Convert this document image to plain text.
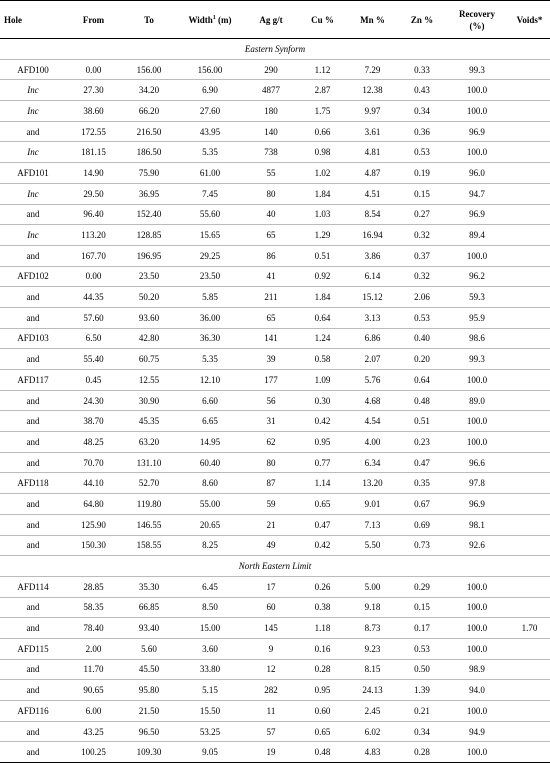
Hole	From	To	Width$^1$ (m)	Ag g/t	Cu %	Mn %	Zn %	Recovery
(%)	Voids*
Eastern Synform									
AFD100	0.00	156.00	156.00	290	1.12	7.29	0.33	99.3	
Inc	27.30	34.20	6.90	4877	2.87	12.38	0.43	100.0	
Inc	38.60	66.20	27.60	180	1.75	9.97	0.34	100.0	
and	172.55	216.50	43.95	140	0.66	3.61	0.36	96.9	
Inc	181.15	186.50	5.35	738	0.98	4.81	0.53	100.0	
AFD101	14.90	75.90	61.00	55	1.02	4.87	0.19	96.0	
Inc	29.50	36.95	7.45	80	1.84	4.51	0.15	94.7	
and	96.40	152.40	55.60	40	1.03	8.54	0.27	96.9	
Inc	113.20	128.85	15.65	65	1.29	16.94	0.32	89.4	
and	167.70	196.95	29.25	86	0.51	3.86	0.37	100.0	
AFD102	0.00	23.50	23.50	41	0.92	6.14	0.32	96.2	
and	44.35	50.20	5.85	211	1.84	15.12	2.06	59.3	
and	57.60	93.60	36.00	65	0.64	3.13	0.53	95.9	
AFD103	6.50	42.80	36.30	141	1.24	6.86	0.40	98.6	
and	55.40	60.75	5.35	39	0.58	2.07	0.20	99.3	
AFD117	0.45	12.55	12.10	177	1.09	5.76	0.64	100.0	
and	24.30	30.90	6.60	56	0.30	4.68	0.48	89.0	
and	38.70	45.35	6.65	31	0.42	4.54	0.51	100.0	
and	48.25	63.20	14.95	62	0.95	4.00	0.23	100.0	
and	70.70	131.10	60.40	80	0.77	6.34	0.47	96.6	
AFD118	44.10	52.70	8.60	87	1.14	13.20	0.35	97.8	
and	64.80	119.80	55.00	59	0.65	9.01	0.67	96.9	
and	125.90	146.55	20.65	21	0.47	7.13	0.69	98.1	
and	150.30	158.55	8.25	49	0.42	5.50	0.73	92.6	
North Eastern Limit									
AFD114	28.85	35.30	6.45	17	0.26	5.00	0.29	100.0	
and	58.35	66.85	8.50	60	0.38	9.18	0.15	100.0	
and	78.40	93.40	15.00	145	1.18	8.73	0.17	100.0	1.70
AFD115	2.00	5.60	3.60	9	0.16	9.23	0.53	100.0	
and	11.70	45.50	33.80	12	0.28	8.15	0.50	98.9	
and	90.65	95.80	5.15	282	0.95	24.13	1.39	94.0	
AFD116	6.00	21.50	15.50	11	0.60	2.45	0.21	100.0	
and	43.25	96.50	53.25	57	0.65	6.02	0.34	94.9	
and	100.25	109.30	9.05	19	0.48	4.83	0.28	100.0	
